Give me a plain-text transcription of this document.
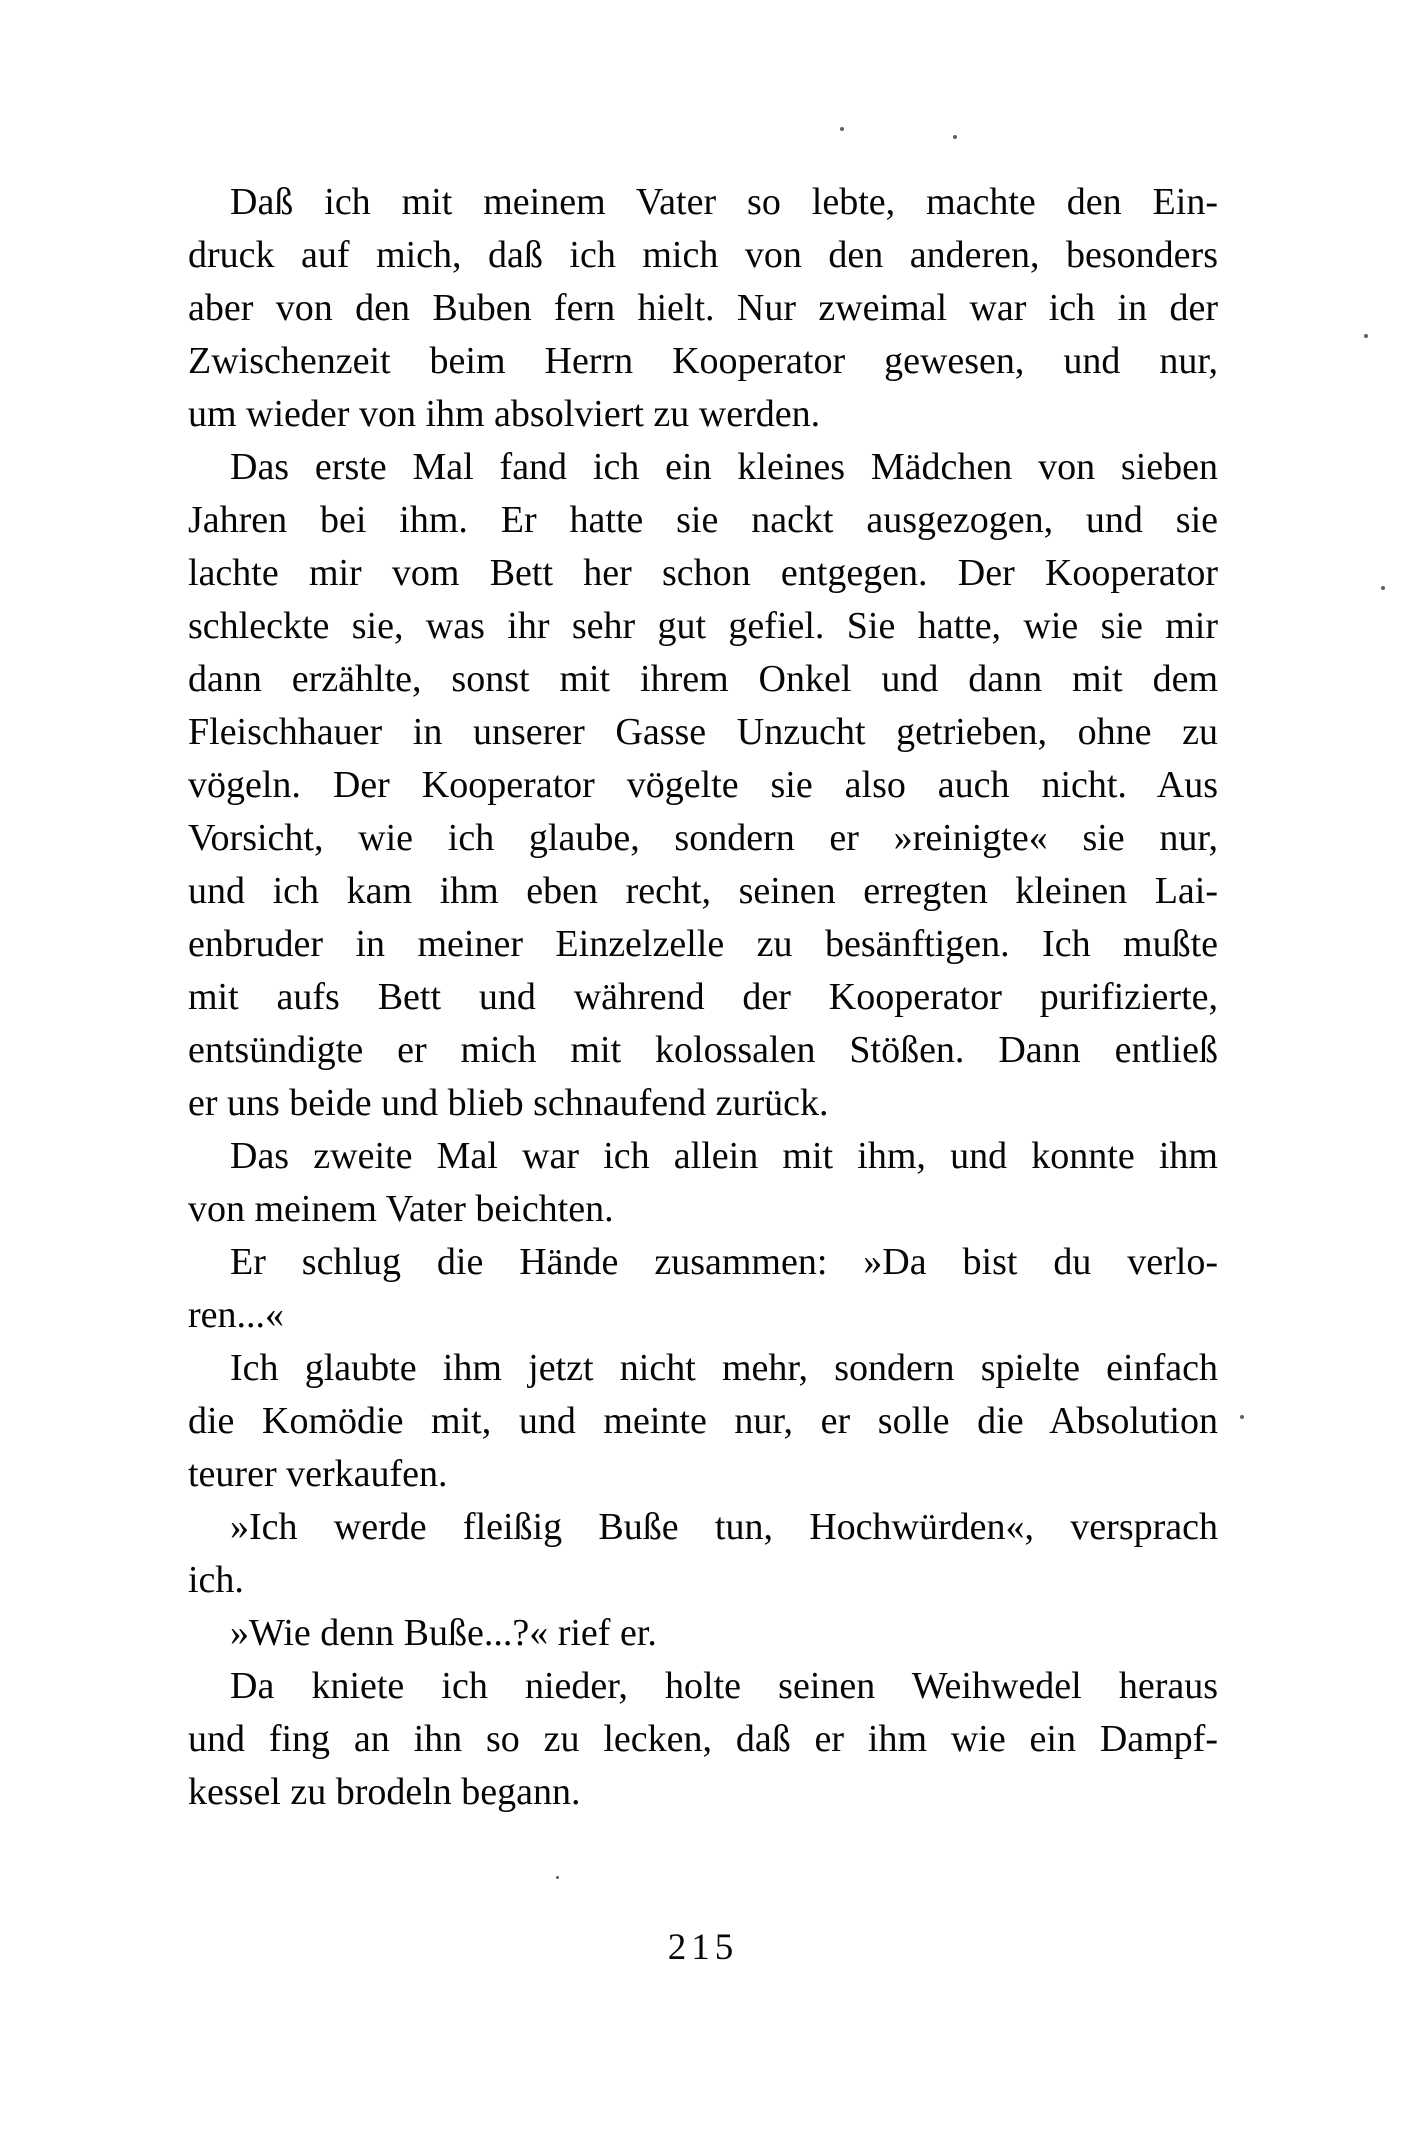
Daß ich mit meinem Vater so lebte, machte den Ein-
druck auf mich, daß ich mich von den anderen, besonders
aber von den Buben fern hielt. Nur zweimal war ich in der
Zwischenzeit beim Herrn Kooperator gewesen, und nur,
um wieder von ihm absolviert zu werden.
Das erste Mal fand ich ein kleines Mädchen von sieben
Jahren bei ihm. Er hatte sie nackt ausgezogen, und sie
lachte mir vom Bett her schon entgegen. Der Kooperator
schleckte sie, was ihr sehr gut gefiel. Sie hatte, wie sie mir
dann erzählte, sonst mit ihrem Onkel und dann mit dem
Fleischhauer in unserer Gasse Unzucht getrieben, ohne zu
vögeln. Der Kooperator vögelte sie also auch nicht. Aus
Vorsicht, wie ich glaube, sondern er »reinigte« sie nur,
und ich kam ihm eben recht, seinen erregten kleinen Lai-
enbruder in meiner Einzelzelle zu besänftigen. Ich mußte
mit aufs Bett und während der Kooperator purifizierte,
entsündigte er mich mit kolossalen Stößen. Dann entließ
er uns beide und blieb schnaufend zurück.
Das zweite Mal war ich allein mit ihm, und konnte ihm
von meinem Vater beichten.
Er schlug die Hände zusammen: »Da bist du verlo-
ren...«
Ich glaubte ihm jetzt nicht mehr, sondern spielte einfach
die Komödie mit, und meinte nur, er solle die Absolution
teurer verkaufen.
»Ich werde fleißig Buße tun, Hochwürden«, versprach
ich.
»Wie denn Buße...?« rief er.
Da kniete ich nieder, holte seinen Weihwedel heraus
und fing an ihn so zu lecken, daß er ihm wie ein Dampf-
kessel zu brodeln begann.
215
